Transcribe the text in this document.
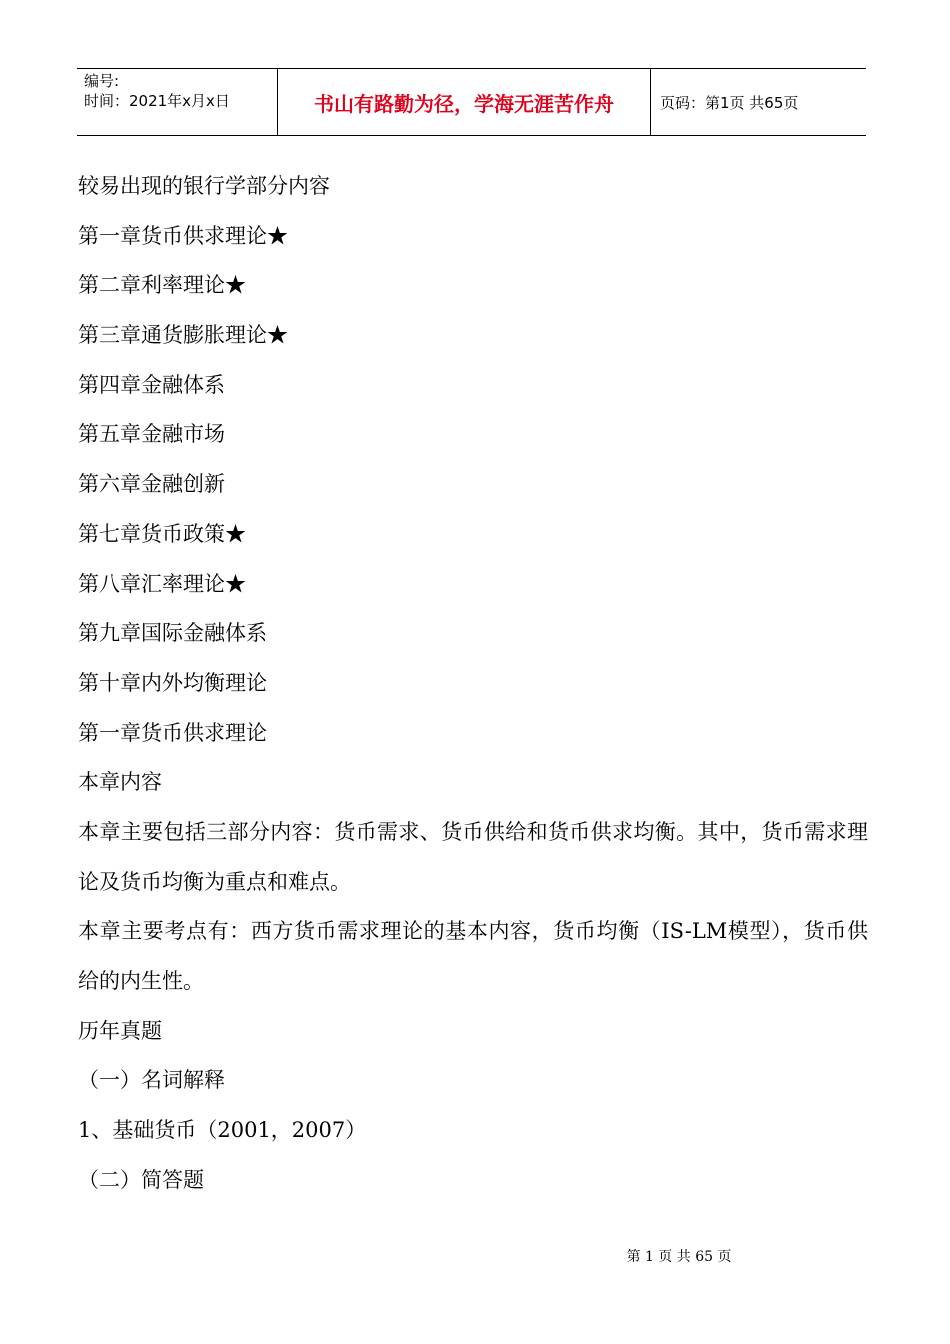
编号:
时间：2021年x月x日	书山有路勤为径，学海无涯苦作舟	页码：第1页 共65页
较易出现的银行学部分内容
第一章货币供求理论★
第二章利率理论★
第三章通货膨胀理论★
第四章金融体系
第五章金融市场
第六章金融创新
第七章货币政策★
第八章汇率理论★
第九章国际金融体系
第十章内外均衡理论
第一章货币供求理论
本章内容
本章主要包括三部分内容：货币需求、货币供给和货币供求均衡。其中，货币需求理论及货币均衡为重点和难点。
本章主要考点有：西方货币需求理论的基本内容，货币均衡（IS-LM模型），货币供给的内生性。
历年真题
（一）名词解释
1、基础货币（2001，2007）
（二）简答题
第 1 页 共 65 页
